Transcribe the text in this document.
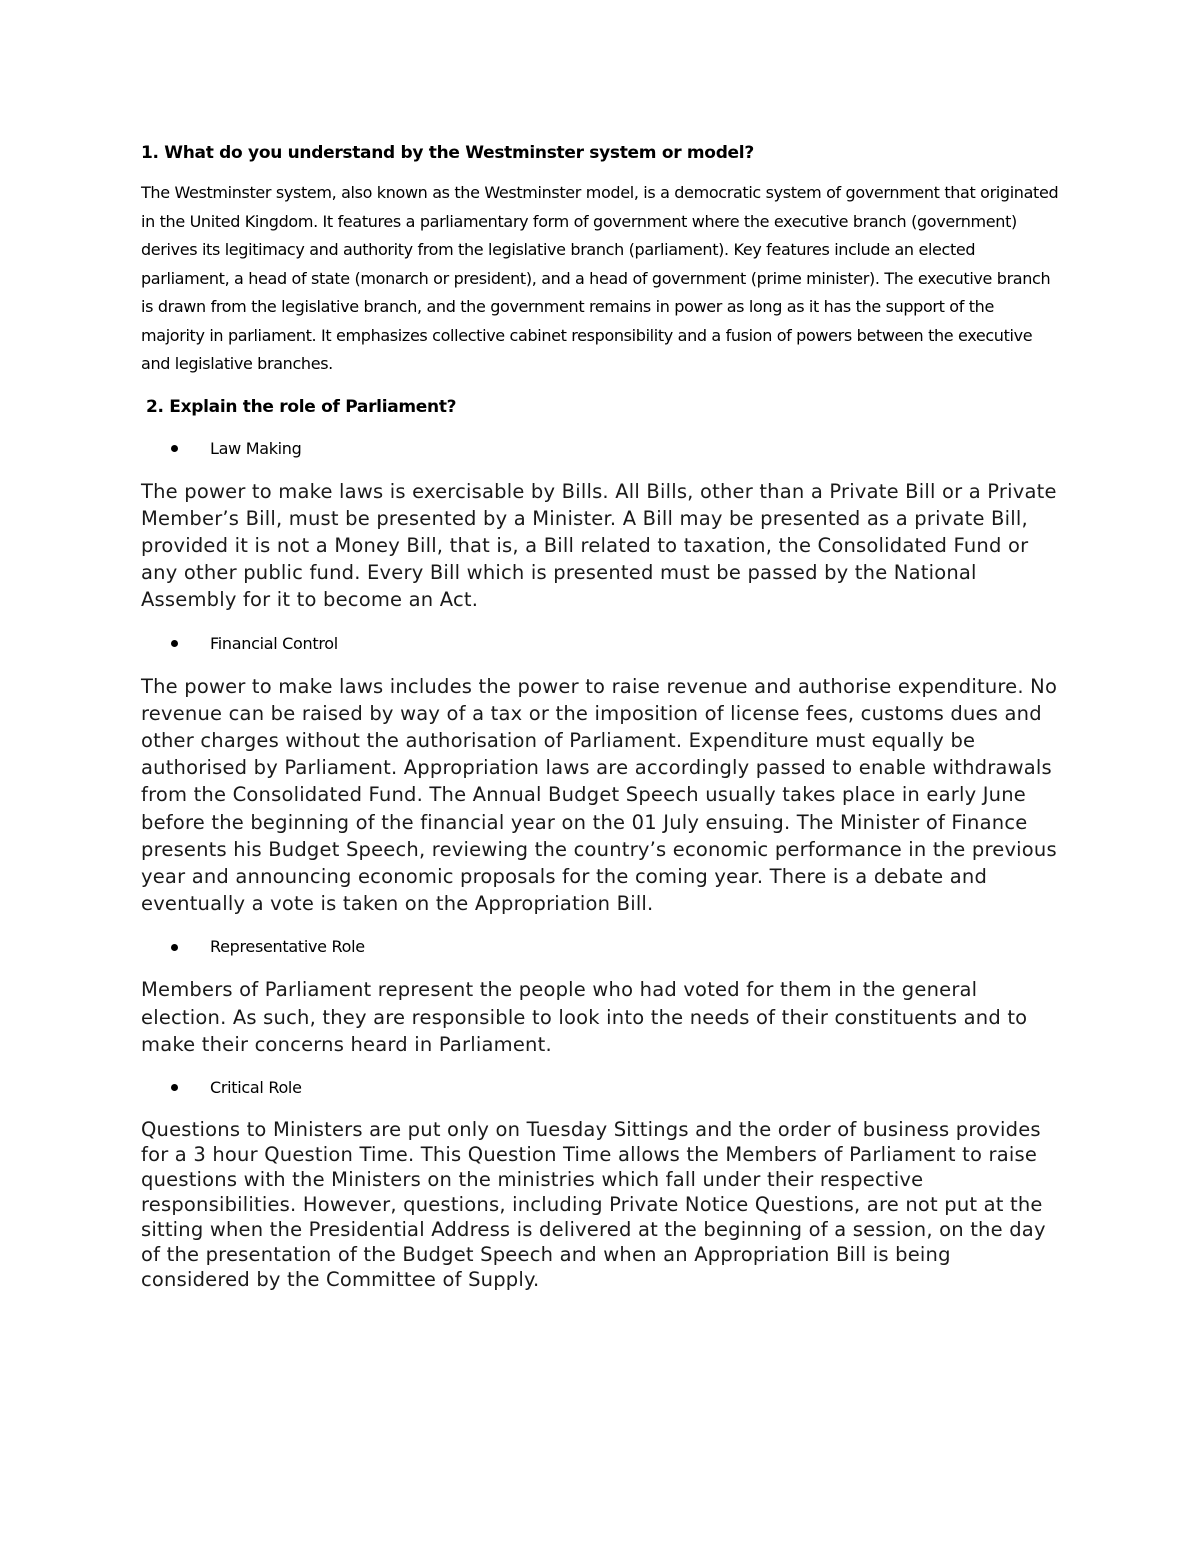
1. What do you understand by the Westminster system or model?
The Westminster system, also known as the Westminster model, is a democratic system of government that originated in the United Kingdom. It features a parliamentary form of government where the executive branch (government) derives its legitimacy and authority from the legislative branch (parliament). Key features include an elected parliament, a head of state (monarch or president), and a head of government (prime minister). The executive branch is drawn from the legislative branch, and the government remains in power as long as it has the support of the majority in parliament. It emphasizes collective cabinet responsibility and a fusion of powers between the executive and legislative branches.
2. Explain the role of Parliament?
Law Making
The power to make laws is exercisable by Bills. All Bills, other than a Private Bill or a Private Member’s Bill, must be presented by a Minister. A Bill may be presented as a private Bill, provided it is not a Money Bill, that is, a Bill related to taxation, the Consolidated Fund or any other public fund. Every Bill which is presented must be passed by the National Assembly for it to become an Act.
Financial Control
The power to make laws includes the power to raise revenue and authorise expenditure. No revenue can be raised by way of a tax or the imposition of license fees, customs dues and other charges without the authorisation of Parliament. Expenditure must equally be authorised by Parliament. Appropriation laws are accordingly passed to enable withdrawals from the Consolidated Fund. The Annual Budget Speech usually takes place in early June before the beginning of the financial year on the 01 July ensuing. The Minister of Finance presents his Budget Speech, reviewing the country’s economic performance in the previous year and announcing economic proposals for the coming year. There is a debate and eventually a vote is taken on the Appropriation Bill.
Representative Role
Members of Parliament represent the people who had voted for them in the general election. As such, they are responsible to look into the needs of their constituents and to make their concerns heard in Parliament.
Critical Role
Questions to Ministers are put only on Tuesday Sittings and the order of business provides for a 3 hour Question Time. This Question Time allows the Members of Parliament to raise questions with the Ministers on the ministries which fall under their respective responsibilities. However, questions, including Private Notice Questions, are not put at the sitting when the Presidential Address is delivered at the beginning of a session, on the day of the presentation of the Budget Speech and when an Appropriation Bill is being considered by the Committee of Supply.
